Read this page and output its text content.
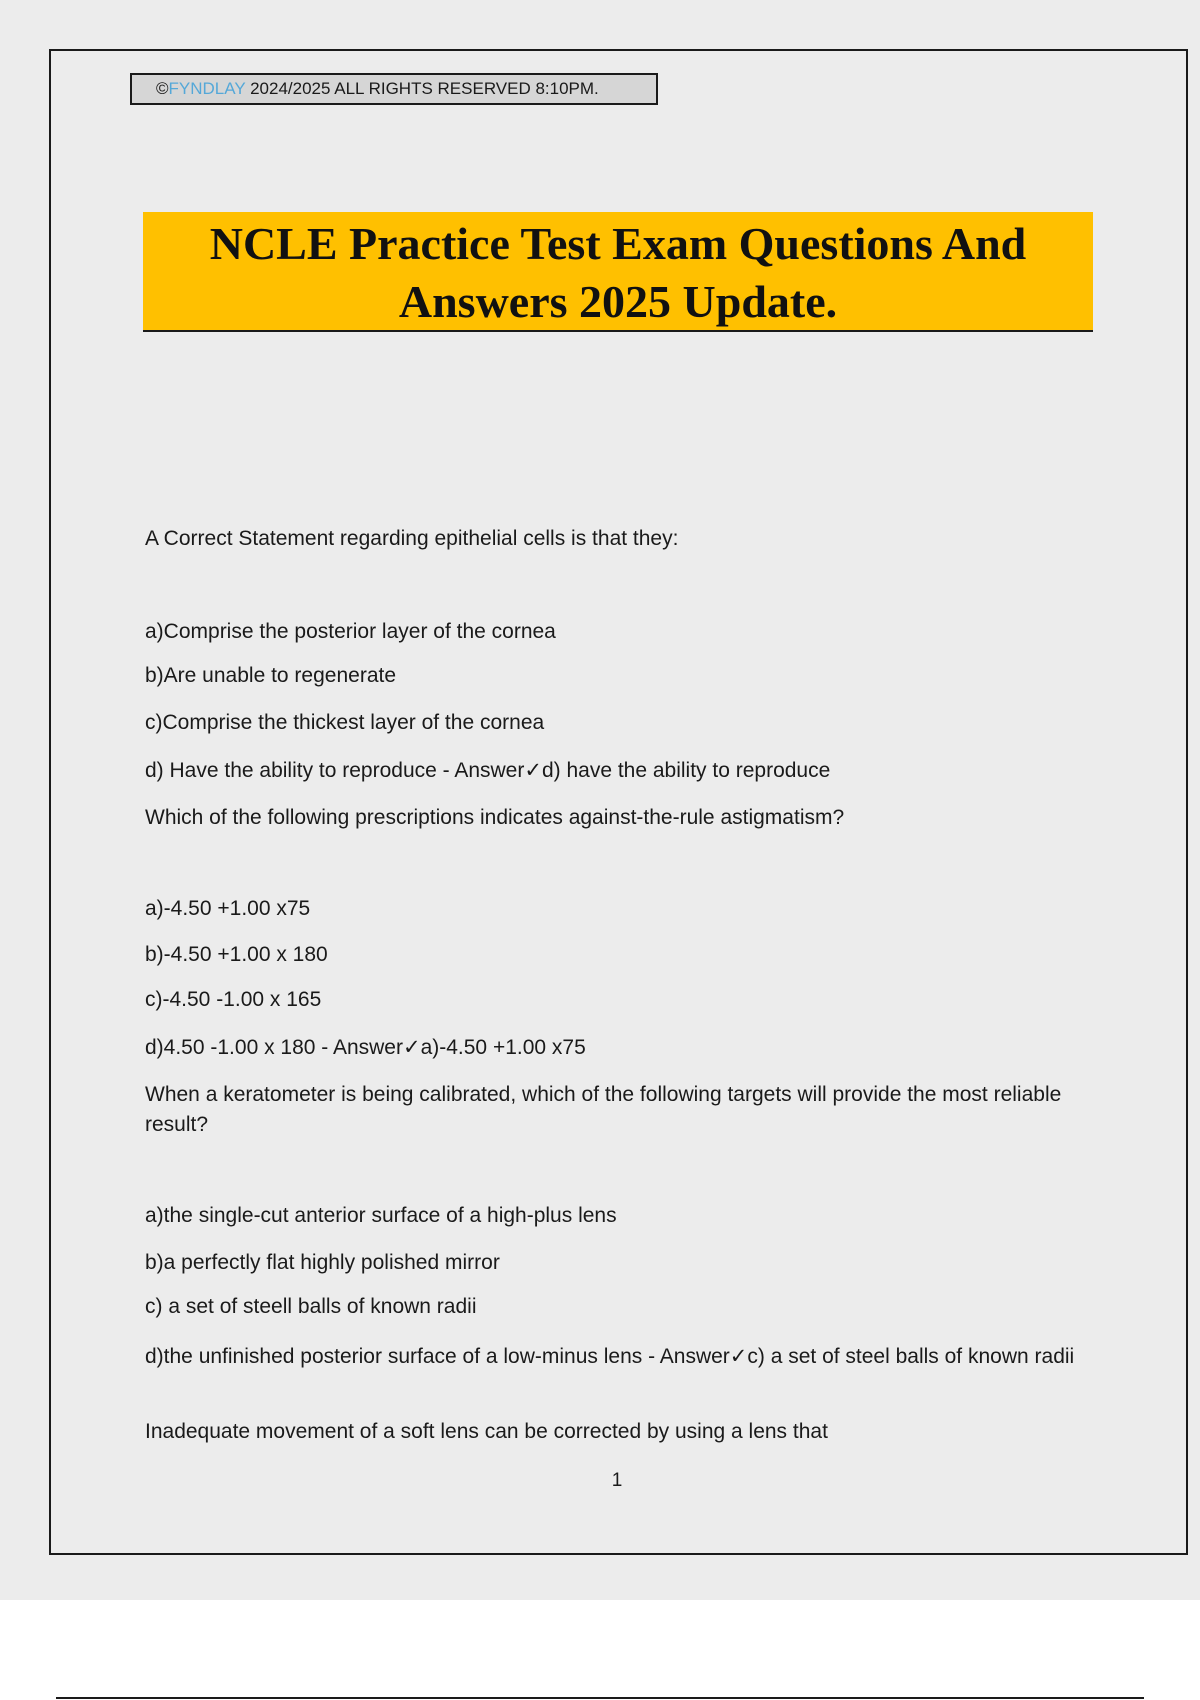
©FYNDLAY 2024/2025 ALL RIGHTS RESERVED 8:10PM.
NCLE Practice Test Exam Questions And
Answers 2025 Update.
A Correct Statement regarding epithelial cells is that they:
a)Comprise the posterior layer of the cornea
b)Are unable to regenerate
c)Comprise the thickest layer of the cornea
d) Have the ability to reproduce - Answer✓d) have the ability to reproduce
Which of the following prescriptions indicates against-the-rule astigmatism?
a)-4.50 +1.00 x75
b)-4.50 +1.00 x 180
c)-4.50 -1.00 x 165
d)4.50 -1.00 x 180 - Answer✓a)-4.50 +1.00 x75
When a keratometer is being calibrated, which of the following targets will provide the most reliable result?
a)the single-cut anterior surface of a high-plus lens
b)a perfectly flat highly polished mirror
c) a set of steell balls of known radii
d)the unfinished posterior surface of a low-minus lens - Answer✓c) a set of steel balls of known radii
Inadequate movement of a soft lens can be corrected by using a lens that
1
